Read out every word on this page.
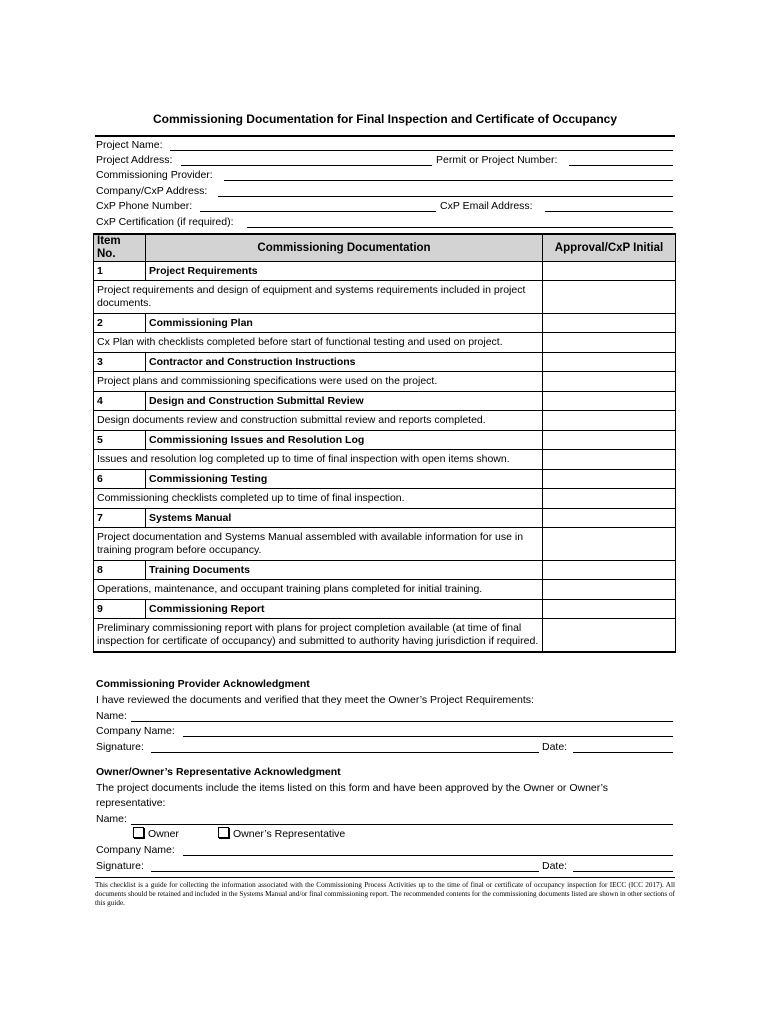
Commissioning Documentation for Final Inspection and Certificate of Occupancy
Project Name:
Project Address:	Permit or Project Number:
Commissioning Provider:
Company/CxP Address:
CxP Phone Number:	CxP Email Address:
CxP Certification (if required):
Item No.	Commissioning Documentation	Approval/CxP Initial
1	Project Requirements	
Project requirements and design of equipment and systems requirements included in project documents.		
2	Commissioning Plan	
Cx Plan with checklists completed before start of functional testing and used on project.		
3	Contractor and Construction Instructions	
Project plans and commissioning specifications were used on the project.		
4	Design and Construction Submittal Review	
Design documents review and construction submittal review and reports completed.		
5	Commissioning Issues and Resolution Log	
Issues and resolution log completed up to time of final inspection with open items shown.		
6	Commissioning Testing	
Commissioning checklists completed up to time of final inspection.		
7	Systems Manual	
Project documentation and Systems Manual assembled with available information for use in training program before occupancy.		
8	Training Documents	
Operations, maintenance, and occupant training plans completed for initial training.		
9	Commissioning Report	
Preliminary commissioning report with plans for project completion available (at time of final inspection for certificate of occupancy) and submitted to authority having jurisdiction if required.		
Commissioning Provider Acknowledgment
I have reviewed the documents and verified that they meet the Owner’s Project Requirements:
Name:
Company Name:
Signature:	Date:
Owner/Owner’s Representative Acknowledgment
The project documents include the items listed on this form and have been approved by the Owner or Owner’s representative:
Name:
Owner	Owner’s Representative
Company Name:
Signature:	Date:
This checklist is a guide for collecting the information associated with the Commissioning Process Activities up to the time of final or certificate of occupancy inspection for IECC (ICC 2017). All documents should be retained and included in the Systems Manual and/or final commissioning report. The recommended contents for the commissioning documents listed are shown in other sections of this guide.
